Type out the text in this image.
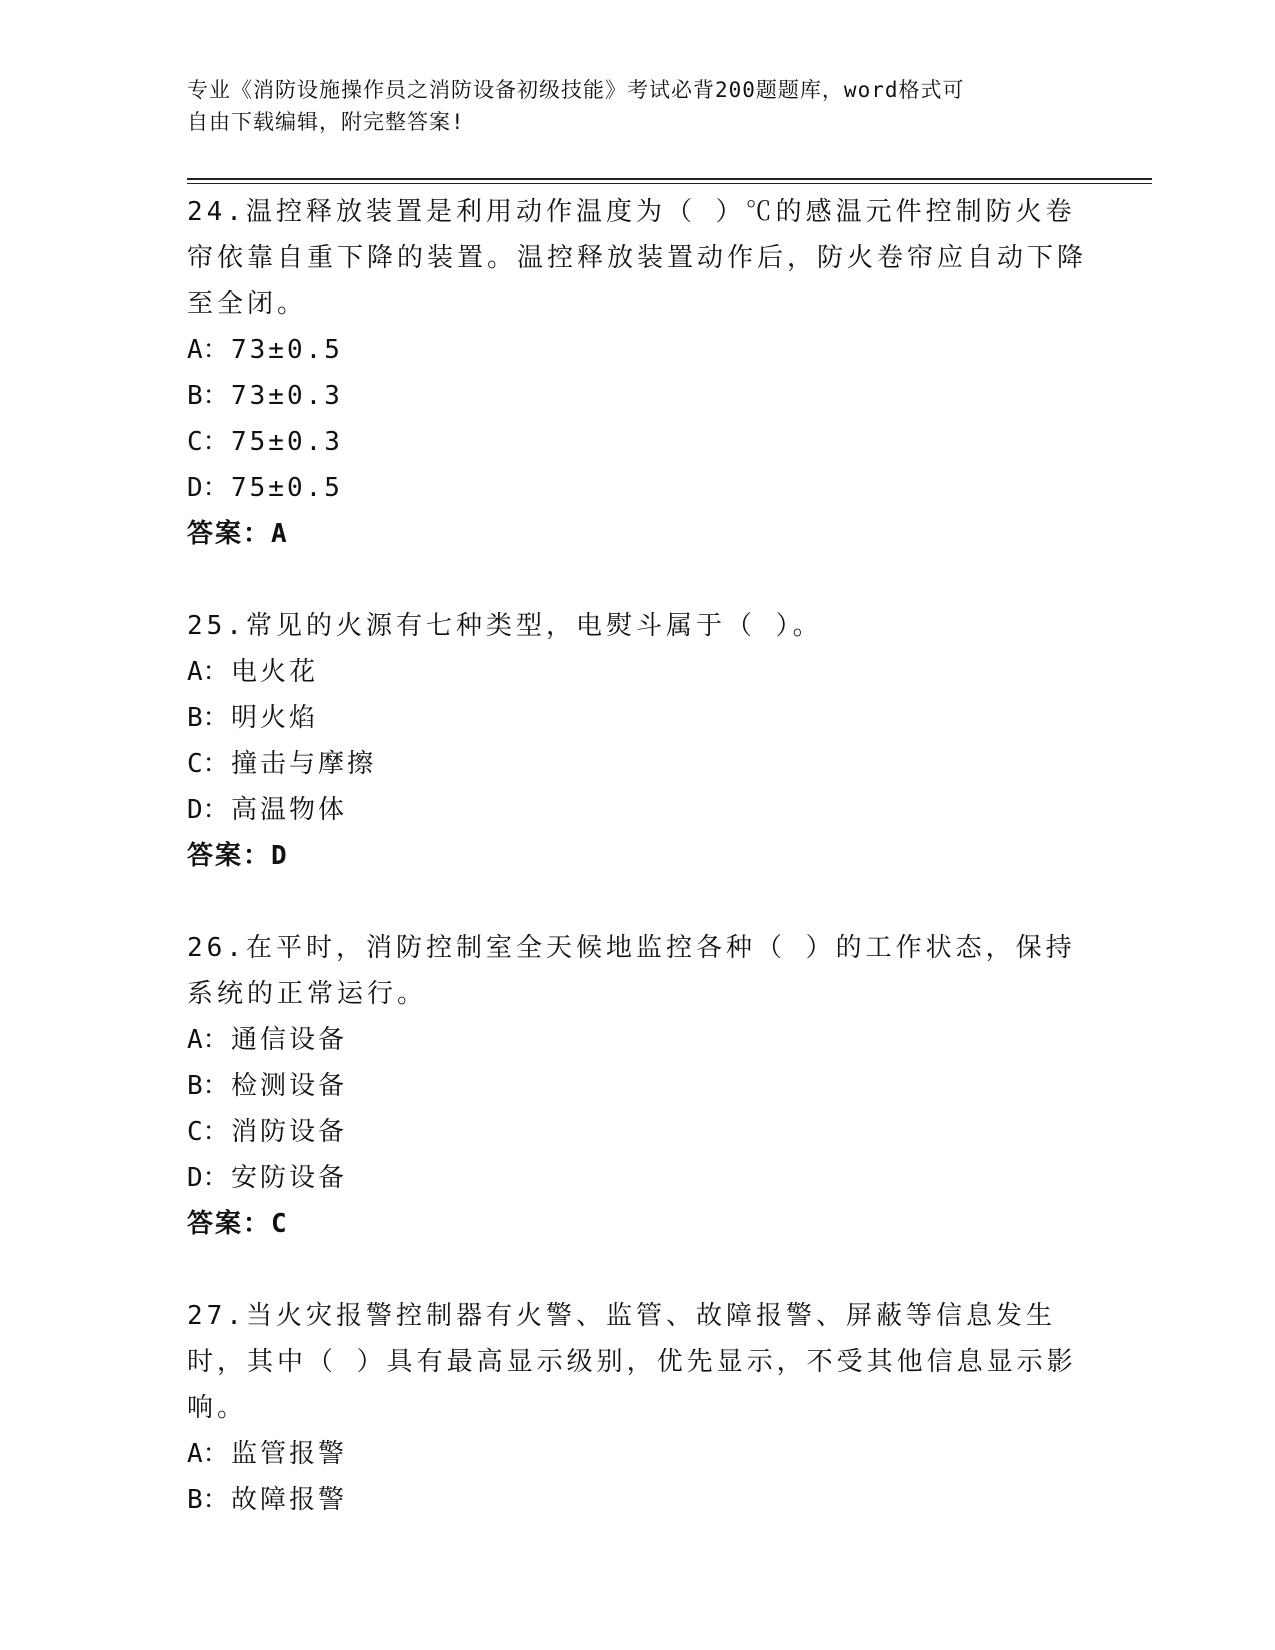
专业《消防设施操作员之消防设备初级技能》考试必背200题题库，word格式可
自由下载编辑，附完整答案!
24.温控释放装置是利用动作温度为（ ）℃的感温元件控制防火卷帘依靠自重下降的装置。温控释放装置动作后，防火卷帘应自动下降至全闭。
A：73±0.5
B：73±0.3
C：75±0.3
D：75±0.5
答案：A
25.常见的火源有七种类型，电熨斗属于（ ）。
A：电火花
B：明火焰
C：撞击与摩擦
D：高温物体
答案：D
26.在平时，消防控制室全天候地监控各种（ ）的工作状态，保持系统的正常运行。
A：通信设备
B：检测设备
C：消防设备
D：安防设备
答案：C
27.当火灾报警控制器有火警、监管、故障报警、屏蔽等信息发生时，其中（ ）具有最高显示级别，优先显示，不受其他信息显示影响。
A：监管报警
B：故障报警
